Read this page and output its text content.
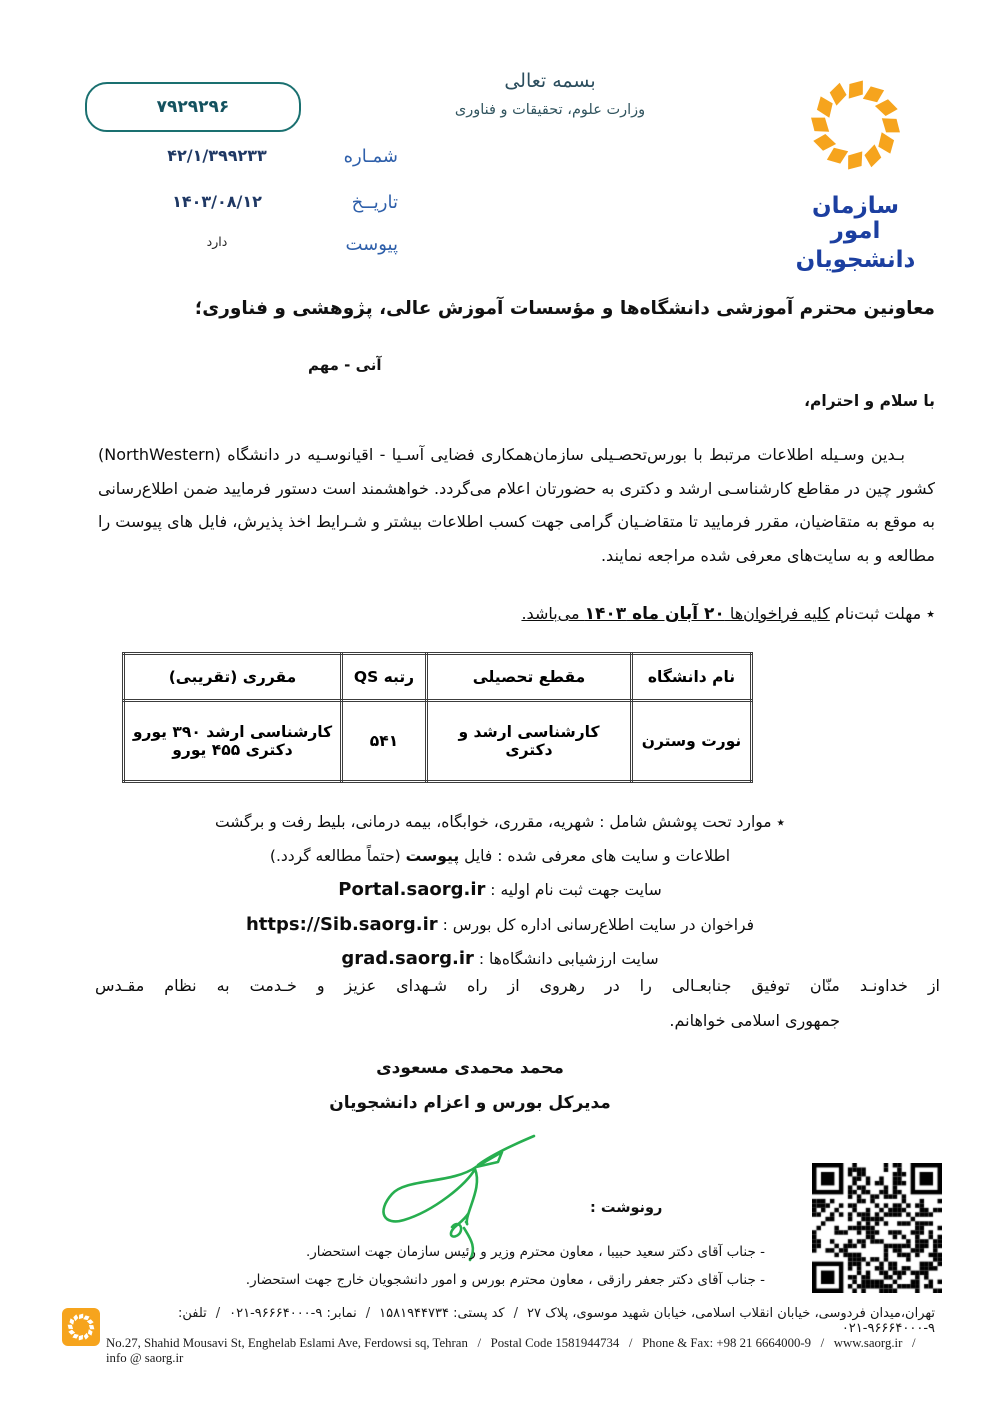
۷۹۲۹۲۹۶
شمـاره
۴۲/۱/۳۹۹۲۳۳
تاریــخ
۱۴۰۳/۰۸/۱۲
پیوست
دارد
بسمه تعالی
وزارت علوم، تحقیقات و فناوری
سازمان امور
دانشجویان
معاونین محترم آموزشی دانشگاه‌ها و مؤسسات آموزش عالی، پژوهشی و فناوری؛
آنی - مهم
با سلام و احترام،
بـدین وسـیله اطلاعات مرتبط با بورس‌تحصـیلی سازمان‌همکاری فضایی آسـیا - اقیانوسـیه در دانشگاه (NorthWestern) کشور چین در مقاطع کارشناسـی ارشد و دکتری به حضورتان اعلام می‌گردد. خواهشمند است دستور فرمایید ضمن اطلاع‌رسانی به موقع به متقاضیان، مقرر فرمایید تا متقاضـیان گرامی جهت کسب اطلاعات بیشتر و شـرایط اخذ پذیرش، فایل های پیوست را مطالعه و به سایت‌های معرفی شده مراجعه نمایند.
٭ مهلت ثبت‌نام کلیه فراخوان‌ها ۲۰ آبان ماه ۱۴۰۳ می‌باشد.
نام دانشگاه	مقطع تحصیلی	رتبه QS	مقرری (تقریبی)
نورت وسترن	کارشناسی ارشد و دکتری	۵۴۱	کارشناسی ارشد ۳۹۰ یورو
دکتری ۴۵۵ یورو
٭ موارد تحت پوشش شامل : شهریه، مقرری، خوابگاه، بیمه درمانی، بلیط رفت و برگشت
اطلاعات و سایت های معرفی شده : فایل پیوست (حتماً مطالعه گردد.)
سایت جهت ثبت نام اولیه : Portal.saorg.ir
فراخوان در سایت اطلاع‌رسانی اداره کل بورس : https://Sib.saorg.ir
سایت ارزشیابی دانشگاه‌ها : grad.saorg.ir
از خداونـد منّان توفیق جنابعـالی را در رهروی از راه شـهدای عزیز و خـدمت به نظام مقـدس
جمهوری اسلامی خواهانم.
محمد محمدی مسعودی
مدیرکل بورس و اعزام دانشجویان
رونوشت :
- جناب آقای دکتر سعید حبیبا ، معاون محترم وزیر و رئیس سازمان جهت استحضار.
- جناب آقای دکتر جعفر رازقی ، معاون محترم بورس و امور دانشجویان خارج جهت استحضار.
تهران،میدان فردوسی، خیابان انقلاب اسلامی، خیابان شهید موسوی، پلاک ۲۷/کد پستی: ۱۵۸۱۹۴۴۷۳۴/نمابر: ۰۲۱-۹۶۶۶۴۰۰۰-۹/تلفن: ۰۲۱-۹۶۶۶۴۰۰۰-۹
No.27, Shahid Mousavi St, Enghelab Eslami Ave, Ferdowsi sq, Tehran   /   Postal Code 1581944734   /   Phone & Fax: +98 21 6664000-9   /   www.saorg.ir   /   info @ saorg.ir
